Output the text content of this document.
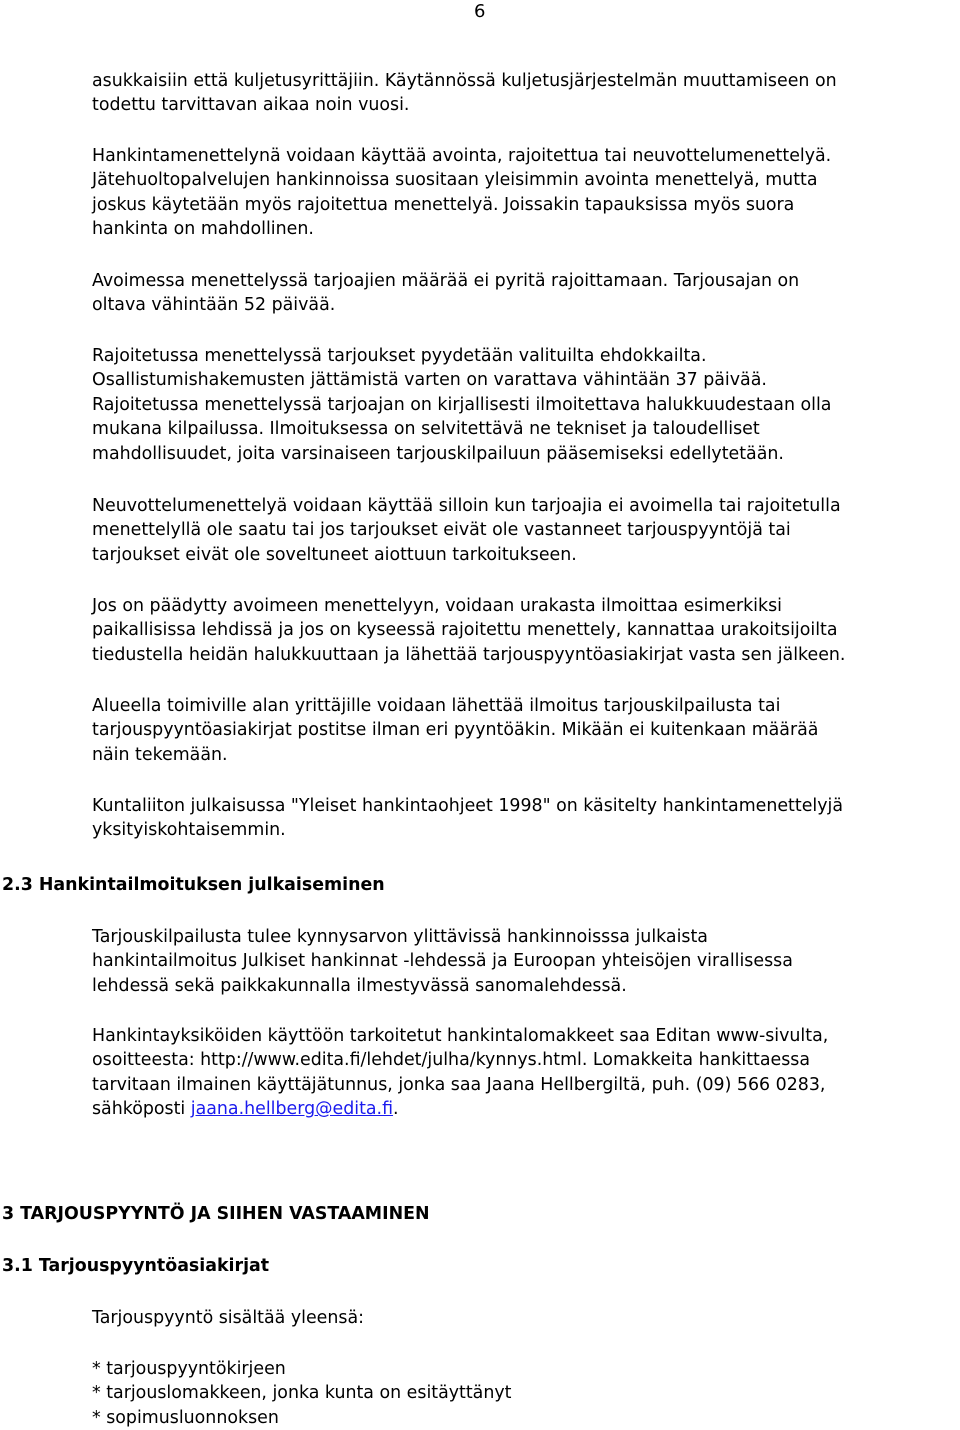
6

asukkaisiin että kuljetusyrittäjiin. Käytännössä kuljetusjärjestelmän muuttamiseen on
todettu tarvittavan aikaa noin vuosi.

Hankintamenettelynä voidaan käyttää avointa, rajoitettua tai neuvottelumenettelyä.
Jätehuoltopalvelujen hankinnoissa suositaan yleisimmin avointa menettelyä, mutta
joskus käytetään myös rajoitettua menettelyä. Joissakin tapauksissa myös suora
hankinta on mahdollinen.

Avoimessa menettelyssä tarjoajien määrää ei pyritä rajoittamaan. Tarjousajan on
oltava vähintään 52 päivää.

Rajoitetussa menettelyssä tarjoukset pyydetään valituilta ehdokkailta.
Osallistumishakemusten jättämistä varten on varattava vähintään 37 päivää.
Rajoitetussa menettelyssä tarjoajan on kirjallisesti ilmoitettava halukkuudestaan olla
mukana kilpailussa. Ilmoituksessa on selvitettävä ne tekniset ja taloudelliset
mahdollisuudet, joita varsinaiseen tarjouskilpailuun pääsemiseksi edellytetään.

Neuvottelumenettelyä voidaan käyttää silloin kun tarjoajia ei avoimella tai rajoitetulla
menettelyllä ole saatu tai jos tarjoukset eivät ole vastanneet tarjouspyyntöjä tai
tarjoukset eivät ole soveltuneet aiottuun tarkoitukseen.

Jos on päädytty avoimeen menettelyyn, voidaan urakasta ilmoittaa esimerkiksi
paikallisissa lehdissä ja jos on kyseessä rajoitettu menettely, kannattaa urakoitsijoilta
tiedustella heidän halukkuuttaan ja lähettää tarjouspyyntöasiakirjat vasta sen jälkeen.

Alueella toimiville alan yrittäjille voidaan lähettää ilmoitus tarjouskilpailusta tai
tarjouspyyntöasiakirjat postitse ilman eri pyyntöäkin. Mikään ei kuitenkaan määrää
näin tekemään.

Kuntaliiton julkaisussa "Yleiset hankintaohjeet 1998" on käsitelty hankintamenettelyjä
yksityiskohtaisemmin.

2.3 Hankintailmoituksen julkaiseminen

Tarjouskilpailusta tulee kynnysarvon ylittävissä hankinnoisssa julkaista
hankintailmoitus Julkiset hankinnat -lehdessä ja Euroopan yhteisöjen virallisessa
lehdessä sekä paikkakunnalla ilmestyvässä sanomalehdessä.

Hankintayksiköiden käyttöön tarkoitetut hankintalomakkeet saa Editan www-sivulta,
osoitteesta: http://www.edita.fi/lehdet/julha/kynnys.html. Lomakkeita hankittaessa
tarvitaan ilmainen käyttäjätunnus, jonka saa Jaana Hellbergiltä, puh. (09) 566 0283,
sähköposti jaana.hellberg@edita.fi.

3 TARJOUSPYYNTÖ JA SIIHEN VASTAAMINEN
3.1 Tarjouspyyntöasiakirjat

Tarjouspyyntö sisältää yleensä:

* tarjouspyyntökirjeen
* tarjouslomakkeen, jonka kunta on esitäyttänyt
* sopimusluonnoksen
